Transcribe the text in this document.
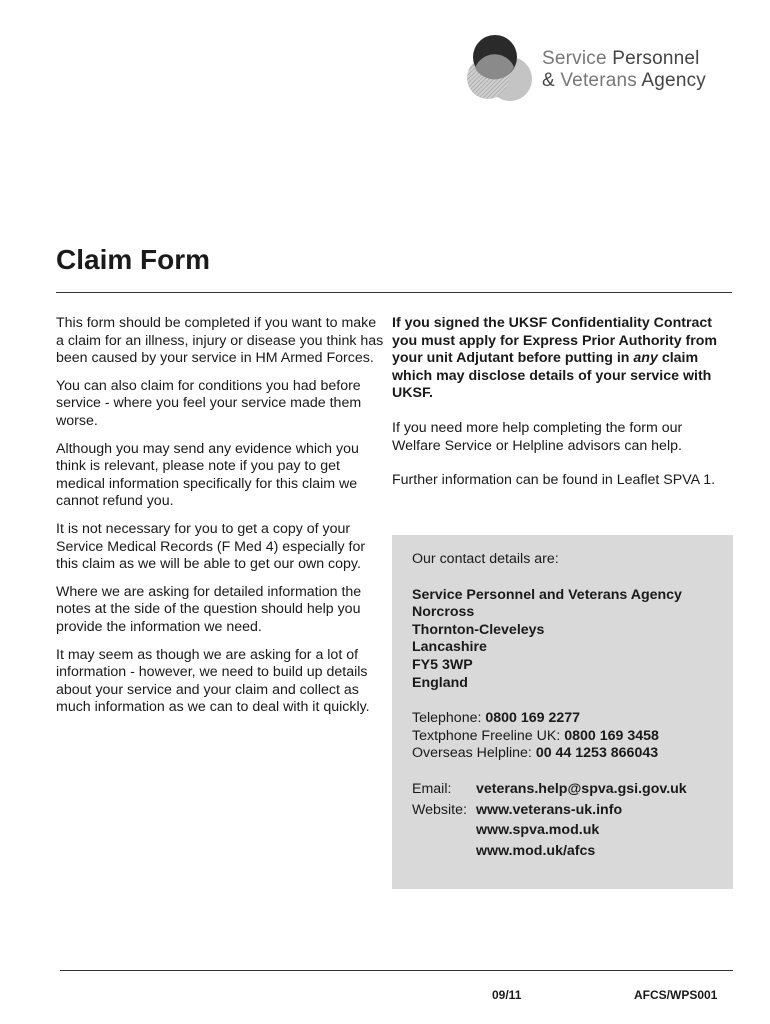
Service Personnel
& Veterans Agency
Claim Form

This form should be completed if you want to make a claim for an illness, injury or disease you think has been caused by your service in HM Armed Forces.

You can also claim for conditions you had before service - where you feel your service made them worse.

Although you may send any evidence which you think is relevant, please note if you pay to get medical information specifically for this claim we cannot refund you.

It is not necessary for you to get a copy of your Service Medical Records (F Med 4) especially for this claim as we will be able to get our own copy.

Where we are asking for detailed information the notes at the side of the question should help you provide the information we need.

It may seem as though we are asking for a lot of information - however, we need to build up details about your service and your claim and collect as much information as we can to deal with it quickly.

If you signed the UKSF Confidentiality Contract you must apply for Express Prior Authority from your unit Adjutant before putting in any claim which may disclose details of your service with UKSF.

If you need more help completing the form our Welfare Service or Helpline advisors can help.

Further information can be found in Leaflet SPVA 1.

Our contact details are:

Service Personnel and Veterans Agency
Norcross
Thornton-Cleveleys
Lancashire
FY5 3WP
England
Telephone: 0800 169 2277
Textphone Freeline UK: 0800 169 3458
Overseas Helpline: 00 44 1253 866043
Email:	veterans.help@spva.gsi.gov.uk
Website: www.veterans-uk.info
www.spva.mod.uk
www.mod.uk/afcs
09/11	AFCS/WPS001
